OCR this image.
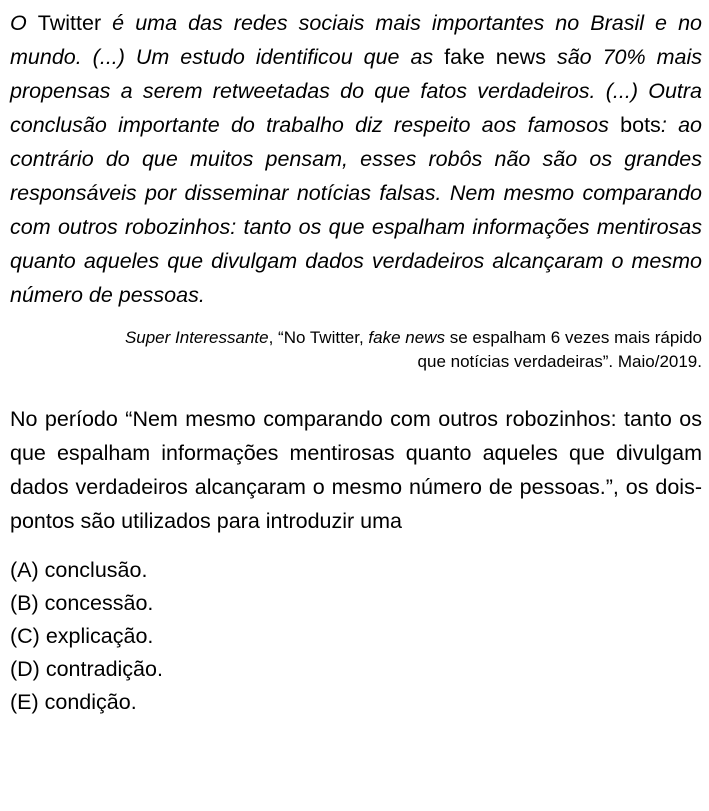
O Twitter é uma das redes sociais mais importantes no Brasil e no mundo. (...) Um estudo identificou que as fake news são 70% mais propensas a serem retweetadas do que fatos verdadeiros. (...) Outra conclusão importante do trabalho diz respeito aos famosos bots: ao contrário do que muitos pensam, esses robôs não são os grandes responsáveis por disseminar notícias falsas. Nem mesmo comparando com outros robozinhos: tanto os que espalham informações mentirosas quanto aqueles que divulgam dados verdadeiros alcançaram o mesmo número de pessoas.

Super Interessante, “No Twitter, fake news se espalham 6 vezes mais rápido
que notícias verdadeiras”. Maio/2019.

No período “Nem mesmo comparando com outros robozinhos: tanto os que espalham informações mentirosas quanto aqueles que divulgam dados verdadeiros alcançaram o mesmo número de pessoas.”, os dois-pontos são utilizados para introduzir uma

(A) conclusão.
(B) concessão.
(C) explicação.
(D) contradição.
(E) condição.
